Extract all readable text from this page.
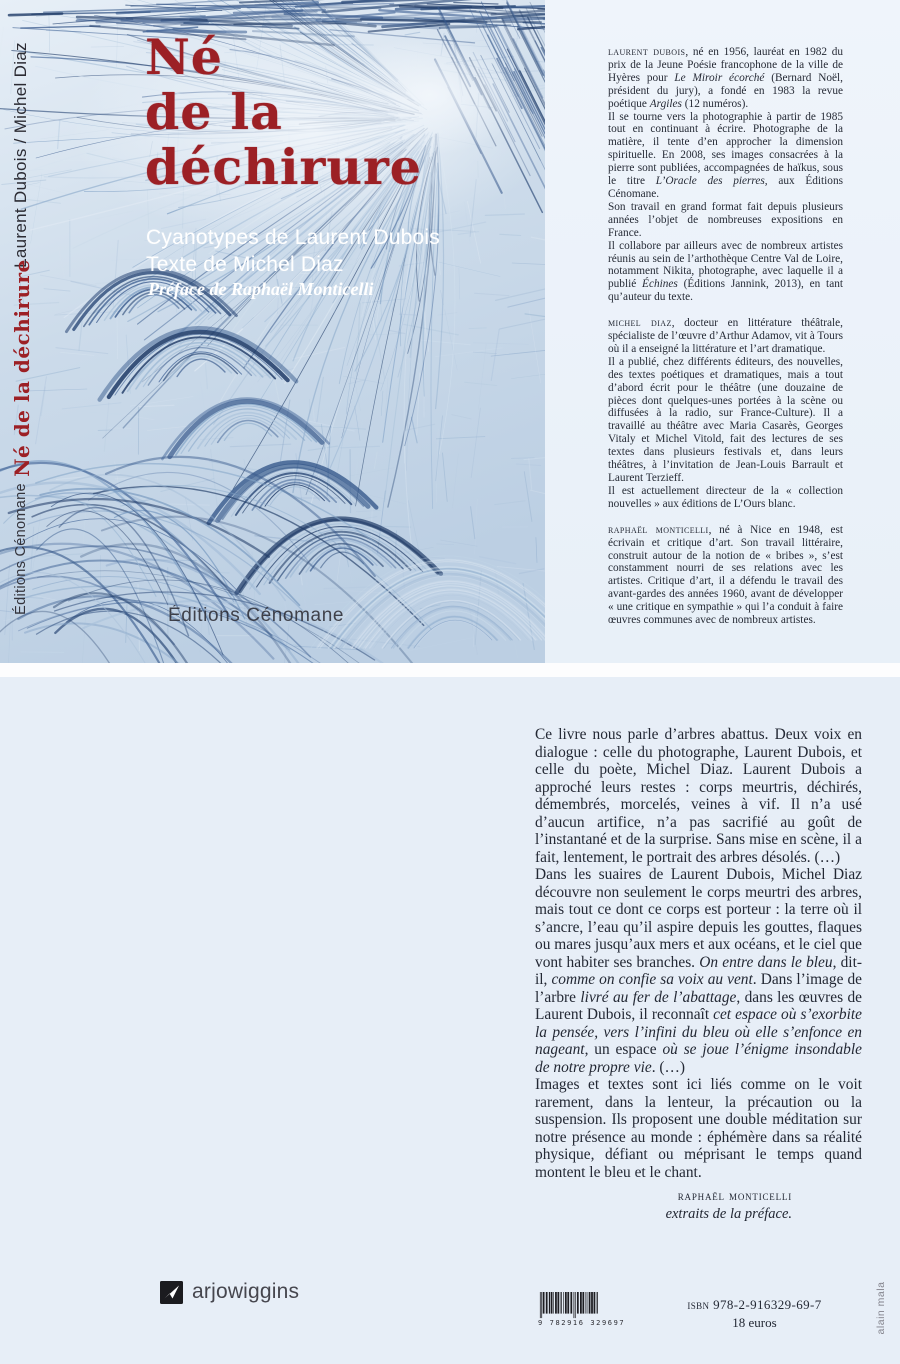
Laurent Dubois / Michel Diaz
Né de la déchirure
Éditions Cénomane
Né
de la
déchirure
Cyanotypes de Laurent Dubois
Texte de Michel Diaz
Préface de Raphaël Monticelli
Éditions Cénomane
laurent dubois, né en 1956, lauréat en 1982 du prix de la Jeune Poésie francophone de la ville de Hyères pour Le Miroir écorché (Bernard Noël, président du jury), a fondé en 1983 la revue poétique Argiles (12 numéros).
Il se tourne vers la photographie à partir de 1985 tout en continuant à écrire. Photographe de la matière, il tente d’en approcher la dimension spirituelle. En 2008, ses images consacrées à la pierre sont publiées, accompagnées de haïkus, sous le titre L’Oracle des pierres, aux Éditions Cénomane.
Son travail en grand format fait depuis plusieurs années l’objet de nombreuses expositions en France.
Il collabore par ailleurs avec de nombreux artistes réunis au sein de l’arthothèque Centre Val de Loire, notamment Nikita, photographe, avec laquelle il a publié Échines (Éditions Jannink, 2013), en tant qu’auteur du texte.
michel diaz, docteur en littérature théâtrale, spécialiste de l’œuvre d’Arthur Adamov, vit à Tours où il a enseigné la littérature et l’art dramatique.
Il a publié, chez différents éditeurs, des nouvelles, des textes poétiques et dramatiques, mais a tout d’abord écrit pour le théâtre (une douzaine de pièces dont quelques-unes portées à la scène ou diffusées à la radio, sur France-Culture). Il a travaillé au théâtre avec Maria Casarès, Georges Vitaly et Michel Vitold, fait des lectures de ses textes dans plusieurs festivals et, dans leurs théâtres, à l’invitation de Jean-Louis Barrault et Laurent Terzieff.
Il est actuellement directeur de la « collection nouvelles » aux éditions de L’Ours blanc.
raphaël monticelli, né à Nice en 1948, est écrivain et critique d’art. Son travail littéraire, construit autour de la notion de « bribes », s’est constamment nourri de ses relations avec les artistes. Critique d’art, il a défendu le travail des avant-gardes des années 1960, avant de développer « une critique en sympathie » qui l’a conduit à faire œuvres communes avec de nombreux artistes.
Ce livre nous parle d’arbres abattus. Deux voix en dialogue : celle du photographe, Laurent Dubois, et celle du poète, Michel Diaz. Laurent Dubois a approché leurs restes : corps meurtris, déchirés, démembrés, morcelés, veines à vif. Il n’a usé d’aucun artifice, n’a pas sacrifié au goût de l’instantané et de la surprise. Sans mise en scène, il a fait, lentement, le portrait des arbres désolés. (…)
Dans les suaires de Laurent Dubois, Michel Diaz découvre non seulement le corps meurtri des arbres, mais tout ce dont ce corps est porteur : la terre où il s’ancre, l’eau qu’il aspire depuis les gouttes, flaques ou mares jusqu’aux mers et aux océans, et le ciel que vont habiter ses branches. On entre dans le bleu, dit-il, comme on confie sa voix au vent. Dans l’image de l’arbre livré au fer de l’abattage, dans les œuvres de Laurent Dubois, il reconnaît cet espace où s’exorbite la pensée, vers l’infini du bleu où elle s’enfonce en nageant, un espace où se joue l’énigme insondable de notre propre vie. (…)
Images et textes sont ici liés comme on le voit rarement, dans la lenteur, la précaution ou la suspension. Ils proposent une double méditation sur notre présence au monde : éphémère dans sa réalité physique, défiant ou méprisant le temps quand montent le bleu et le chant.
raphaël monticelli
extraits de la préface.
arjowiggins
9 782916 329697
isbn 978-2-916329-69-7
18 euros	alain mala
